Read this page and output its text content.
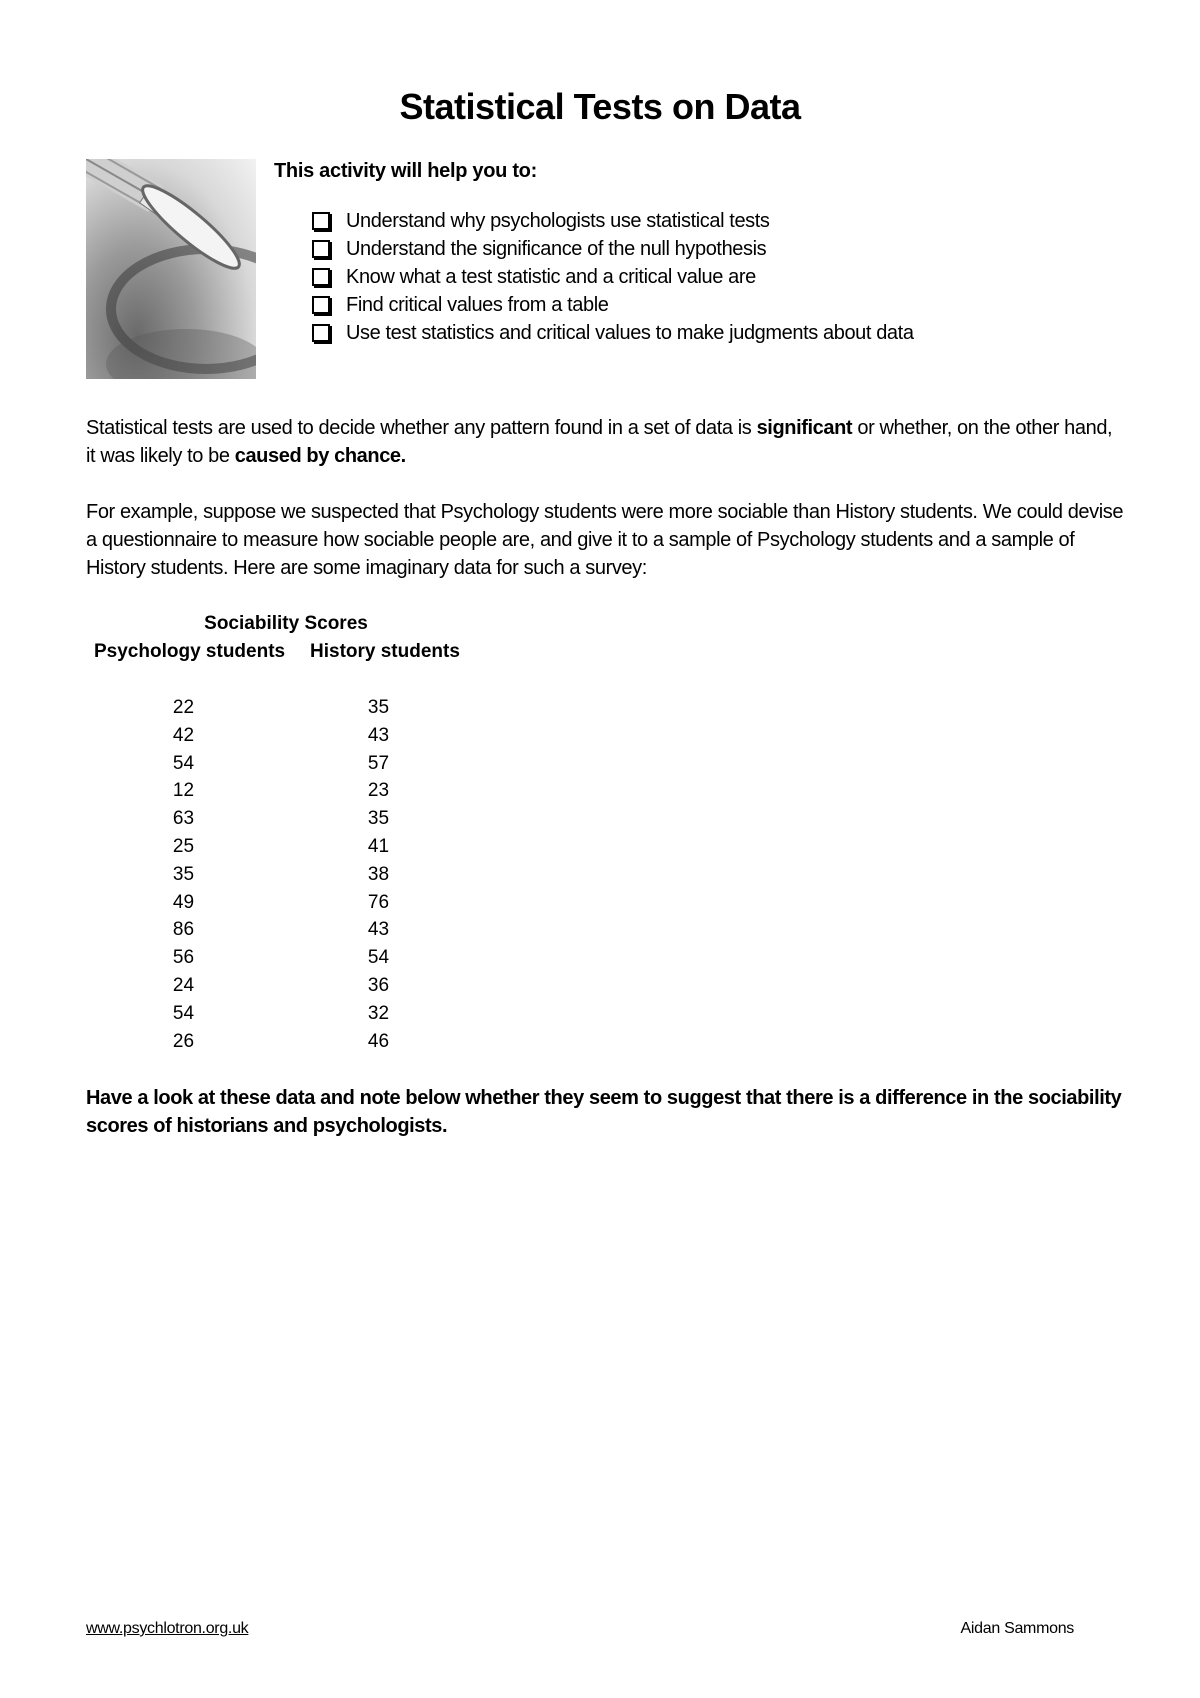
Statistical Tests on Data

This activity will help you to:

Understand why psychologists use statistical tests
Understand the significance of the null hypothesis
Know what a test statistic and a critical value are
Find critical values from a table
Use test statistics and critical values to make judgments about data

Statistical tests are used to decide whether any pattern found in a set of data is significant or whether, on the other hand, it was likely to be caused by chance.

For example, suppose we suspected that Psychology students were more sociable than History students. We could devise a questionnaire to measure how sociable people are, and give it to a sample of Psychology students and a sample of History students. Here are some imaginary data for such a survey:

Sociability Scores
Psychology students	History students
22	35
42	43
54	57
12	23
63	35
25	41
35	38
49	76
86	43
56	54
24	36
54	32
26	46

Have a look at these data and note below whether they seem to suggest that there is a difference in the sociability scores of historians and psychologists.

www.psychlotron.org.uk	Aidan Sammons
